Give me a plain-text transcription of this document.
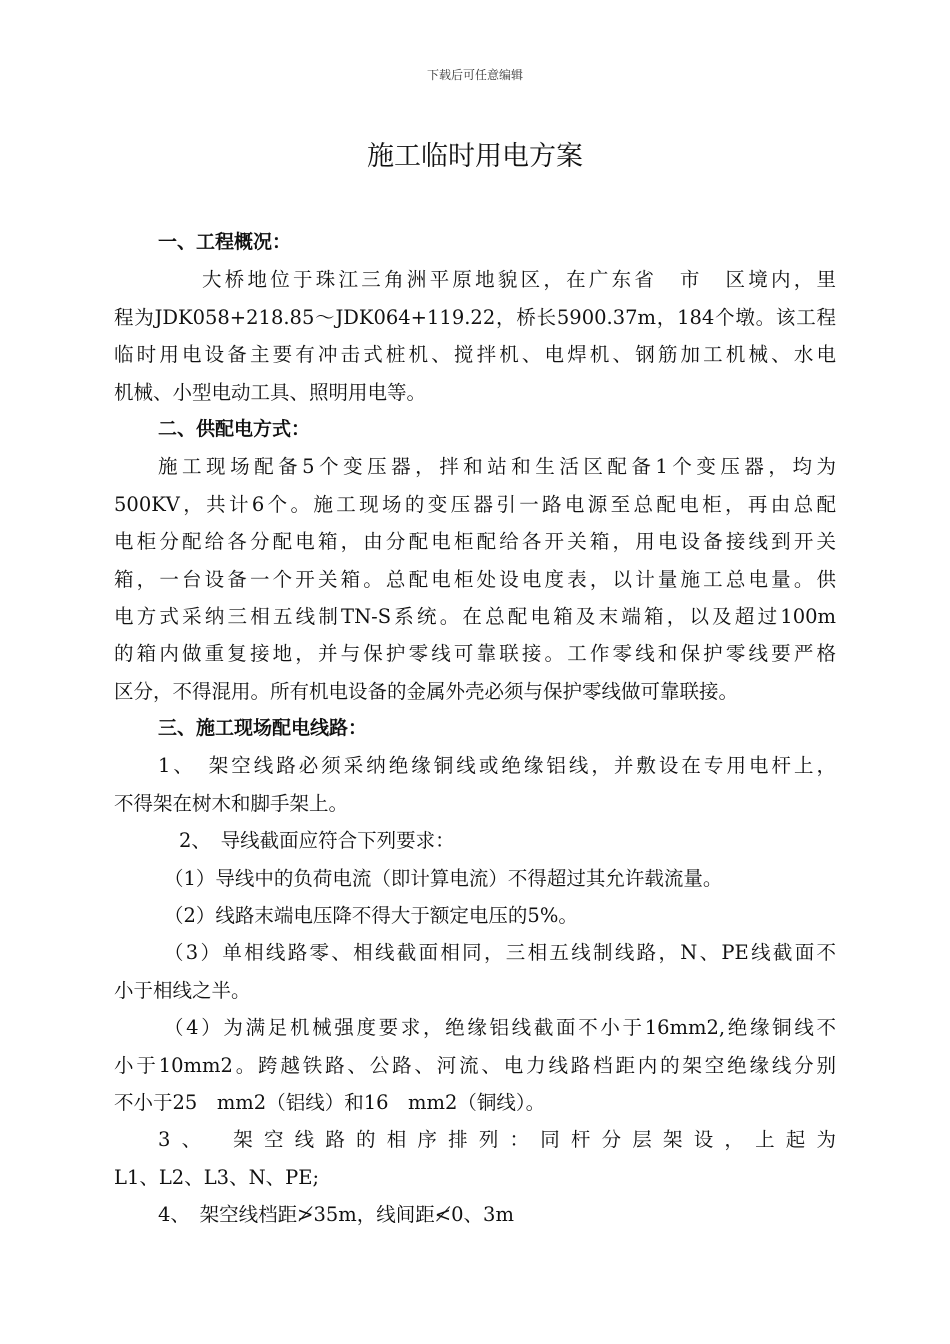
下载后可任意编辑
施工临时用电方案
一、工程概况：
大桥地位于珠江三角洲平原地貌区，在广东省　市　区境内，里
程为JDK058+218.85～JDK064+119.22，桥长5900.37m，184个墩。该工程
临时用电设备主要有冲击式桩机、搅拌机、电焊机、钢筋加工机械、水电
机械、小型电动工具、照明用电等。
二、供配电方式：
施工现场配备5个变压器，拌和站和生活区配备1个变压器，均为
500KV，共计6个。施工现场的变压器引一路电源至总配电柜，再由总配
电柜分配给各分配电箱，由分配电柜配给各开关箱，用电设备接线到开关
箱，一台设备一个开关箱。总配电柜处设电度表，以计量施工总电量。供
电方式采纳三相五线制TN-S系统。在总配电箱及末端箱，以及超过100m
的箱内做重复接地，并与保护零线可靠联接。工作零线和保护零线要严格
区分，不得混用。所有机电设备的金属外壳必须与保护零线做可靠联接。
三、施工现场配电线路：
1、　架空线路必须采纳绝缘铜线或绝缘铝线，并敷设在专用电杆上，
不得架在树木和脚手架上。
2、　导线截面应符合下列要求：
（1）导线中的负荷电流（即计算电流）不得超过其允许载流量。
（2）线路末端电压降不得大于额定电压的5%。
（3）单相线路零、相线截面相同，三相五线制线路，N、PE线截面不
小于相线之半。
（4）为满足机械强度要求，绝缘铝线截面不小于16mm2,绝缘铜线不
小于10mm2。跨越铁路、公路、河流、电力线路档距内的架空绝缘线分别
不小于25　mm2（铝线）和16　mm2（铜线）。
3、　架空线路的相序排列：同杆分层架设，上起为
L1、L2、L3、N、PE;
4、　架空线档距≯35m，线间距≮0、3m
